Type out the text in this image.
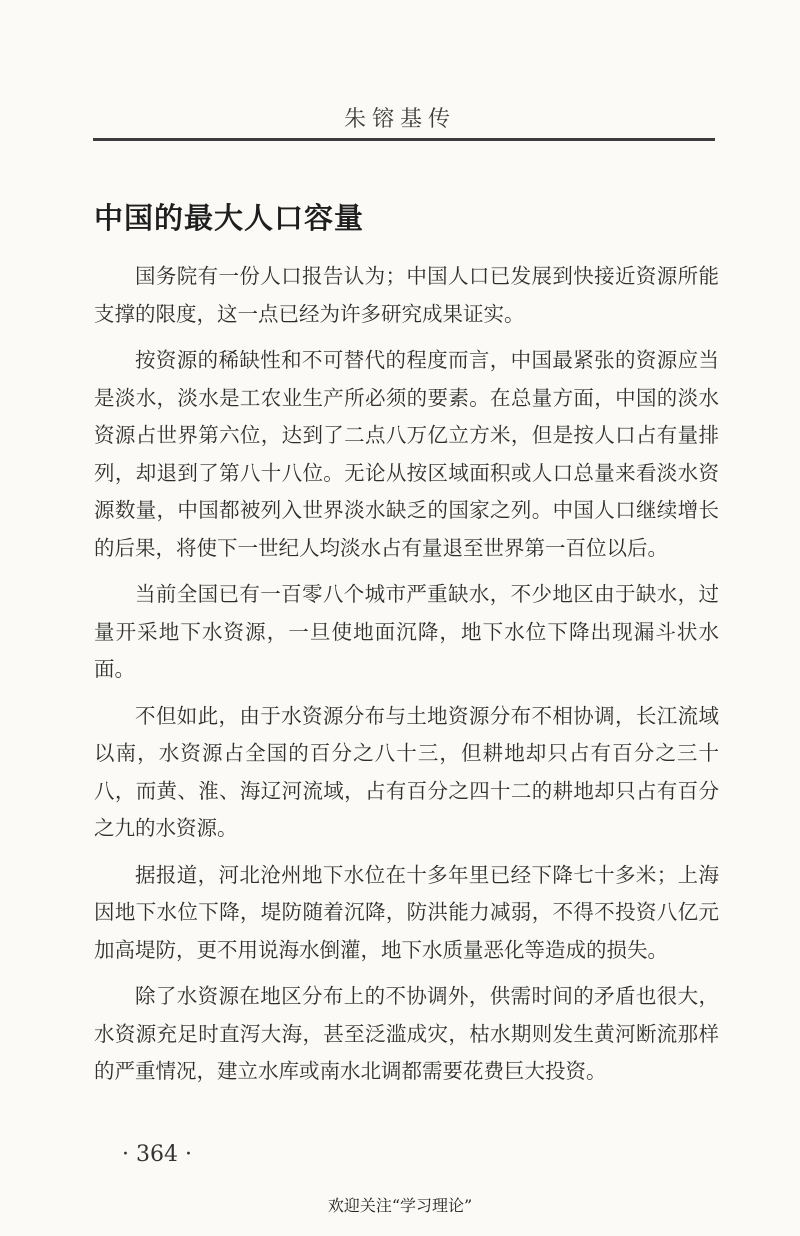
朱镕基传
中国的最大人口容量

国务院有一份人口报告认为；中国人口已发展到快接近资源所能支撑的限度，这一点已经为许多研究成果证实。

按资源的稀缺性和不可替代的程度而言，中国最紧张的资源应当是淡水，淡水是工农业生产所必须的要素。在总量方面，中国的淡水资源占世界第六位，达到了二点八万亿立方米，但是按人口占有量排列，却退到了第八十八位。无论从按区域面积或人口总量来看淡水资源数量，中国都被列入世界淡水缺乏的国家之列。中国人口继续增长的后果，将使下一世纪人均淡水占有量退至世界第一百位以后。

当前全国已有一百零八个城市严重缺水，不少地区由于缺水，过量开采地下水资源，一旦使地面沉降，地下水位下降出现漏斗状水面。

不但如此，由于水资源分布与土地资源分布不相协调，长江流域以南，水资源占全国的百分之八十三，但耕地却只占有百分之三十八，而黄、淮、海辽河流域，占有百分之四十二的耕地却只占有百分之九的水资源。

据报道，河北沧州地下水位在十多年里已经下降七十多米；上海因地下水位下降，堤防随着沉降，防洪能力减弱，不得不投资八亿元加高堤防，更不用说海水倒灌，地下水质量恶化等造成的损失。

除了水资源在地区分布上的不协调外，供需时间的矛盾也很大，水资源充足时直泻大海，甚至泛滥成灾，枯水期则发生黄河断流那样的严重情况，建立水库或南水北调都需要花费巨大投资。

· 364 ·
欢迎关注“学习理论”
